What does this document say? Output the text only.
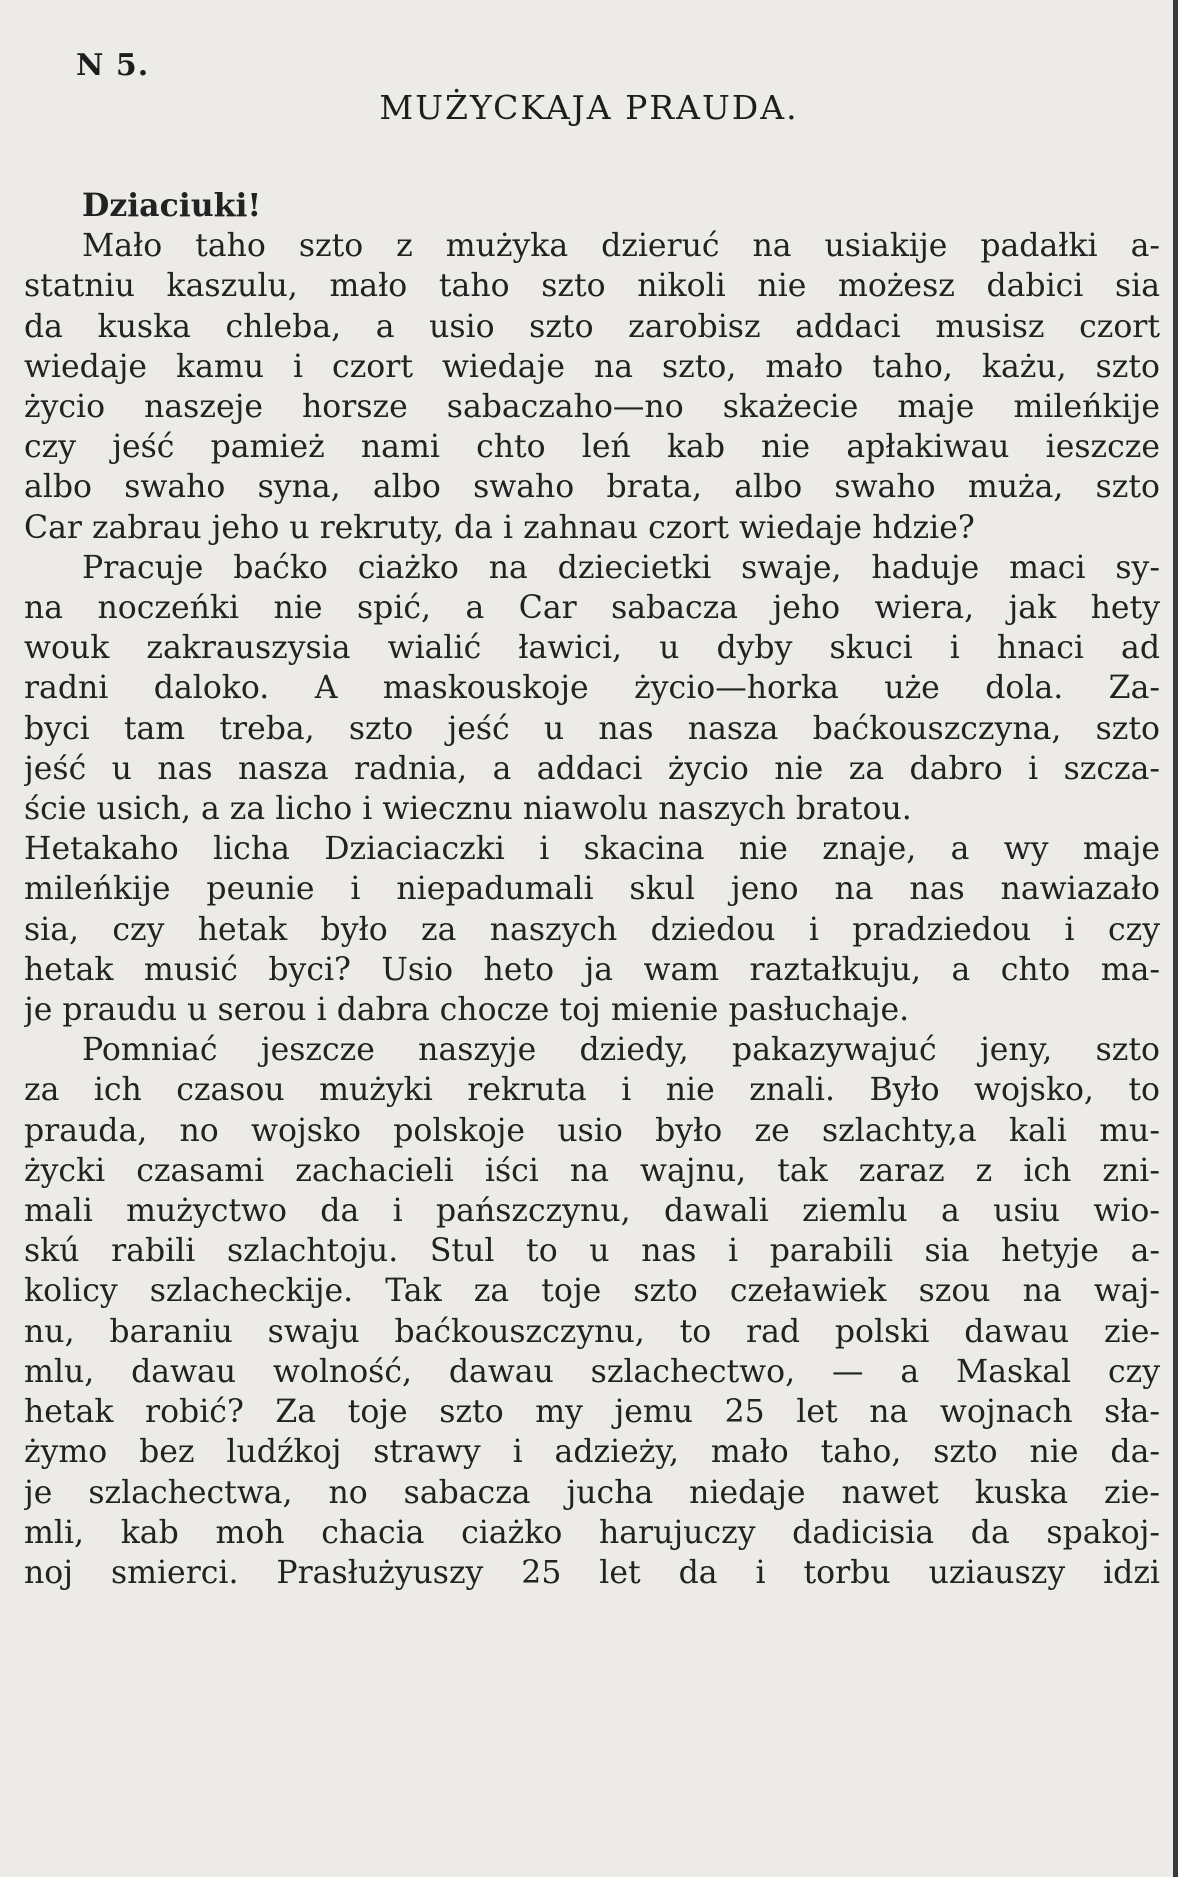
N 5.
MUŻYCKAJA PRAUDA.
Dziaciuki!
Mało taho szto z mużyka dzieruć na usiakije padałki a-
statniu kaszulu, mało taho szto nikoli nie możesz dabici sia
da kuska chleba, a usio szto zarobisz addaci musisz czort
wiedaje kamu i czort wiedaje na szto, mało taho, każu, szto
życio naszeje horsze sabaczaho—no skażecie maje mileńkije
czy jeść pamież nami chto leń kab nie apłakiwau ieszcze
albo swaho syna, albo swaho brata, albo swaho muża, szto
Car zabrau jeho u rekruty, da i zahnau czort wiedaje hdzie?
Pracuje baćko ciażko na dziecietki swaje, haduje maci sy-
na noczeńki nie spić, a Car sabacza jeho wiera, jak hety
wouk zakrauszysia wialić ławici, u dyby skuci i hnaci ad
radni daloko. A maskouskoje życio—horka uże dola. Za-
byci tam treba, szto jeść u nas nasza baćkouszczyna, szto
jeść u nas nasza radnia, a addaci życio nie za dabro i szcza-
ście usich, a za licho i wiecznu niawolu naszych bratou.
Hetakaho licha Dziaciaczki i skacina nie znaje, a wy maje
mileńkije peunie i niepadumali skul jeno na nas nawiazało
sia, czy hetak było za naszych dziedou i pradziedou i czy
hetak musić byci? Usio heto ja wam raztałkuju, a chto ma-
je praudu u serou i dabra chocze toj mienie pasłuchaje.
Pomniać jeszcze naszyje dziedy, pakazywajuć jeny, szto
za ich czasou mużyki rekruta i nie znali. Było wojsko, to
prauda, no wojsko polskoje usio było ze szlachty,a kali mu-
życki czasami zachacieli iści na wajnu, tak zaraz z ich zni-
mali mużyctwo da i pańszczynu, dawali ziemlu a usiu wio-
skú rabili szlachtoju. Stul to u nas i parabili sia hetyje a-
kolicy szlacheckije. Tak za toje szto czeławiek szou na waj-
nu, baraniu swaju baćkouszczynu, to rad polski dawau zie-
mlu, dawau wolność, dawau szlachectwo, — a Maskal czy
hetak robić? Za toje szto my jemu 25 let na wojnach sła-
żymo bez ludźkoj strawy i adzieży, mało taho, szto nie da-
je szlachectwa, no sabacza jucha niedaje nawet kuska zie-
mli, kab moh chacia ciażko harujuczy dadicisia da spakoj-
noj smierci. Prasłużyuszy 25 let da i torbu uziauszy idzi
